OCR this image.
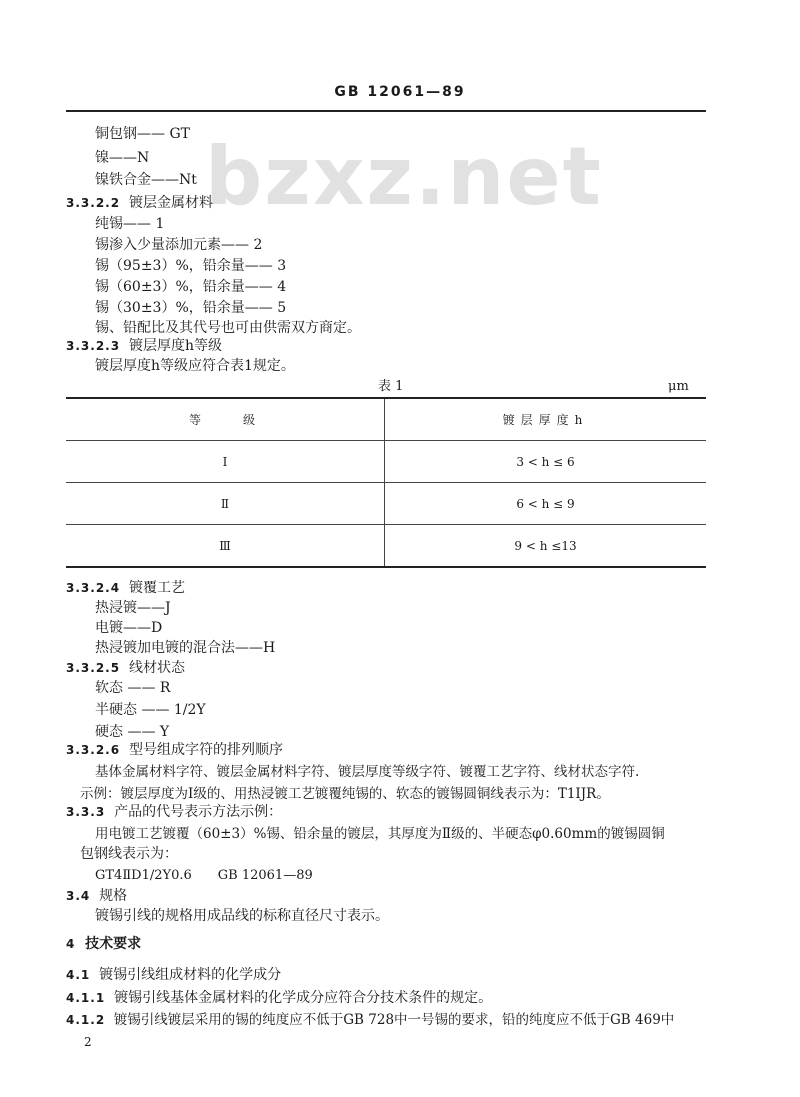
bzxz.net
GB 12061—89
铜包钢—— GT
镍——N
镍铁合金——Nt
3.3.2.2 镀层金属材料
纯锡—— 1
锡渗入少量添加元素—— 2
锡（95±3）%，铅余量—— 3
锡（60±3）%，铅余量—— 4
锡（30±3）%，铅余量—— 5
锡、铅配比及其代号也可由供需双方商定。
3.3.2.3 镀层厚度h等级
镀层厚度h等级应符合表1规定。
表 1	μm
等　　级	镀层厚度h
Ⅰ	3 < h ≤ 6
Ⅱ	6 < h ≤ 9
Ⅲ	9 < h ≤13
3.3.2.4 镀覆工艺
热浸镀——J
电镀——D
热浸镀加电镀的混合法——H
3.3.2.5 线材状态
软态 —— R
半硬态 —— 1/2Y
硬态 —— Y
3.3.2.6 型号组成字符的排列顺序
基体金属材料字符、镀层金属材料字符、镀层厚度等级字符、镀覆工艺字符、线材状态字符.
示例：镀层厚度为Ⅰ级的、用热浸镀工艺镀覆纯锡的、软态的镀锡圆铜线表示为：T1ⅠJR。
3.3.3 产品的代号表示方法示例：
用电镀工艺镀覆（60±3）%锡、铅余量的镀层，其厚度为Ⅱ级的、半硬态φ0.60mm的镀锡圆铜
包钢线表示为：
GT4ⅡD1/2Y0.6　　GB 12061—89
3.4 规格
镀锡引线的规格用成品线的标称直径尺寸表示。
4 技术要求
4.1 镀锡引线组成材料的化学成分
4.1.1 镀锡引线基体金属材料的化学成分应符合分技术条件的规定。
4.1.2 镀锡引线镀层采用的锡的纯度应不低于GB 728中一号锡的要求，铅的纯度应不低于GB 469中
2
